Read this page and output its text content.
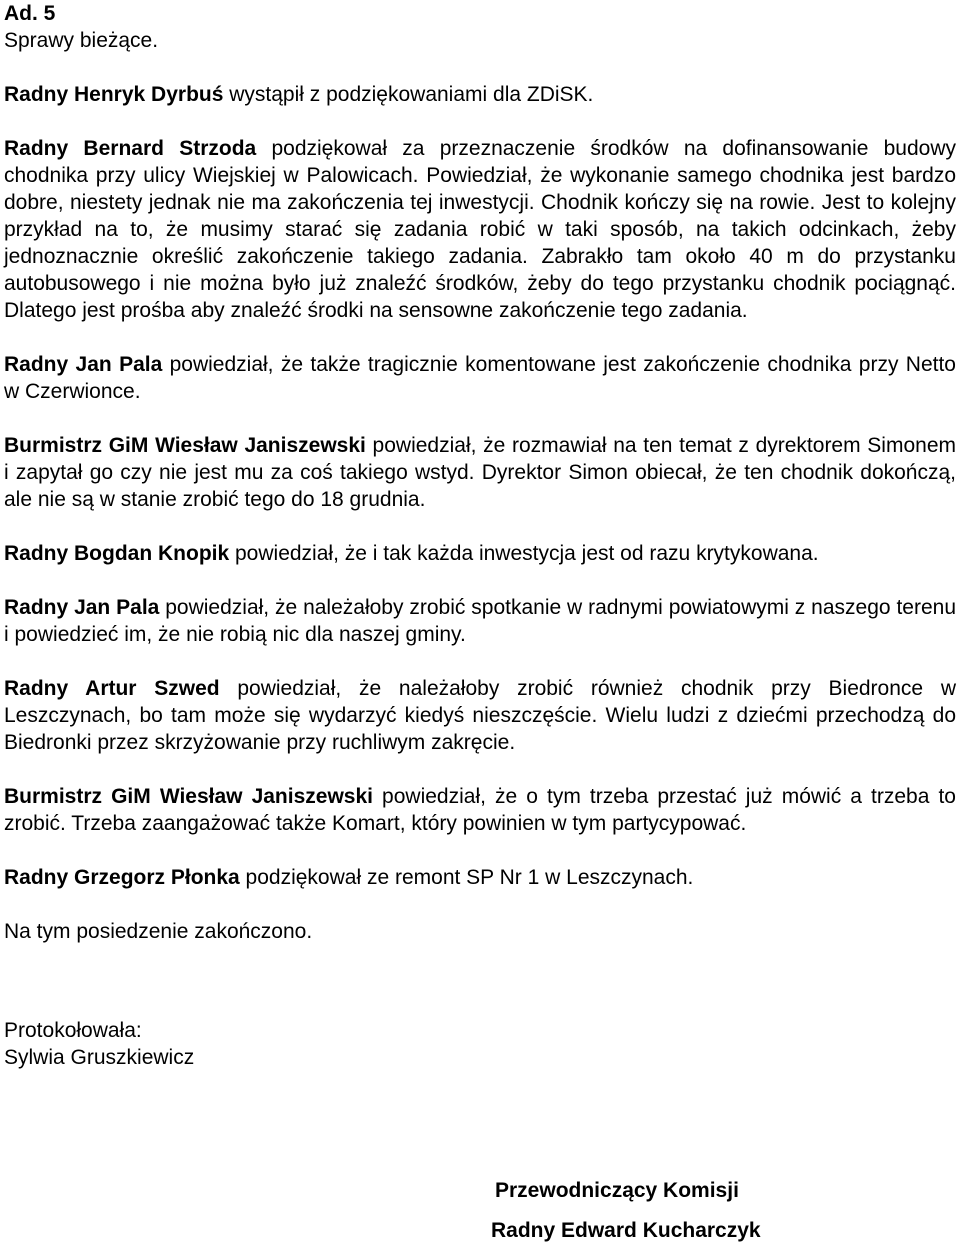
Ad. 5

Sprawy bieżące.

Radny Henryk Dyrbuś wystąpił z podziękowaniami dla ZDiSK.

Radny Bernard Strzoda podziękował za przeznaczenie środków na dofinansowanie budowy chodnika przy ulicy Wiejskiej w Palowicach. Powiedział, że wykonanie samego chodnika jest bardzo dobre, niestety jednak nie ma zakończenia tej inwestycji. Chodnik kończy się na rowie. Jest to kolejny przykład na to, że musimy starać się zadania robić w taki sposób, na takich odcinkach, żeby jednoznacznie określić zakończenie takiego zadania. Zabrakło tam około 40 m do przystanku autobusowego i nie można było już znaleźć środków, żeby do tego przystanku chodnik pociągnąć. Dlatego jest prośba aby znaleźć środki na sensowne zakończenie tego zadania.

Radny Jan Pala powiedział, że także tragicznie komentowane jest zakończenie chodnika przy Netto w Czerwionce.

Burmistrz GiM Wiesław Janiszewski powiedział, że rozmawiał na ten temat z dyrektorem Simonem i zapytał go czy nie jest mu za coś takiego wstyd. Dyrektor Simon obiecał, że ten chodnik dokończą, ale nie są w stanie zrobić tego do 18 grudnia.

Radny Bogdan Knopik powiedział, że i tak każda inwestycja jest od razu krytykowana.

Radny Jan Pala powiedział, że należałoby zrobić spotkanie w radnymi powiatowymi z naszego terenu i powiedzieć im, że nie robią nic dla naszej gminy.

Radny Artur Szwed powiedział, że należałoby zrobić również chodnik przy Biedronce w Leszczynach, bo tam może się wydarzyć kiedyś nieszczęście. Wielu ludzi z dziećmi przechodzą do Biedronki przez skrzyżowanie przy ruchliwym zakręcie.

Burmistrz GiM Wiesław Janiszewski powiedział, że o tym trzeba przestać już mówić a trzeba to zrobić. Trzeba zaangażować także Komart, który powinien w tym partycypować.

Radny Grzegorz Płonka podziękował ze remont SP Nr 1 w Leszczynach.

Na tym posiedzenie zakończono.

Protokołowała:

Sylwia Gruszkiewicz

Przewodniczący Komisji
Radny Edward Kucharczyk
